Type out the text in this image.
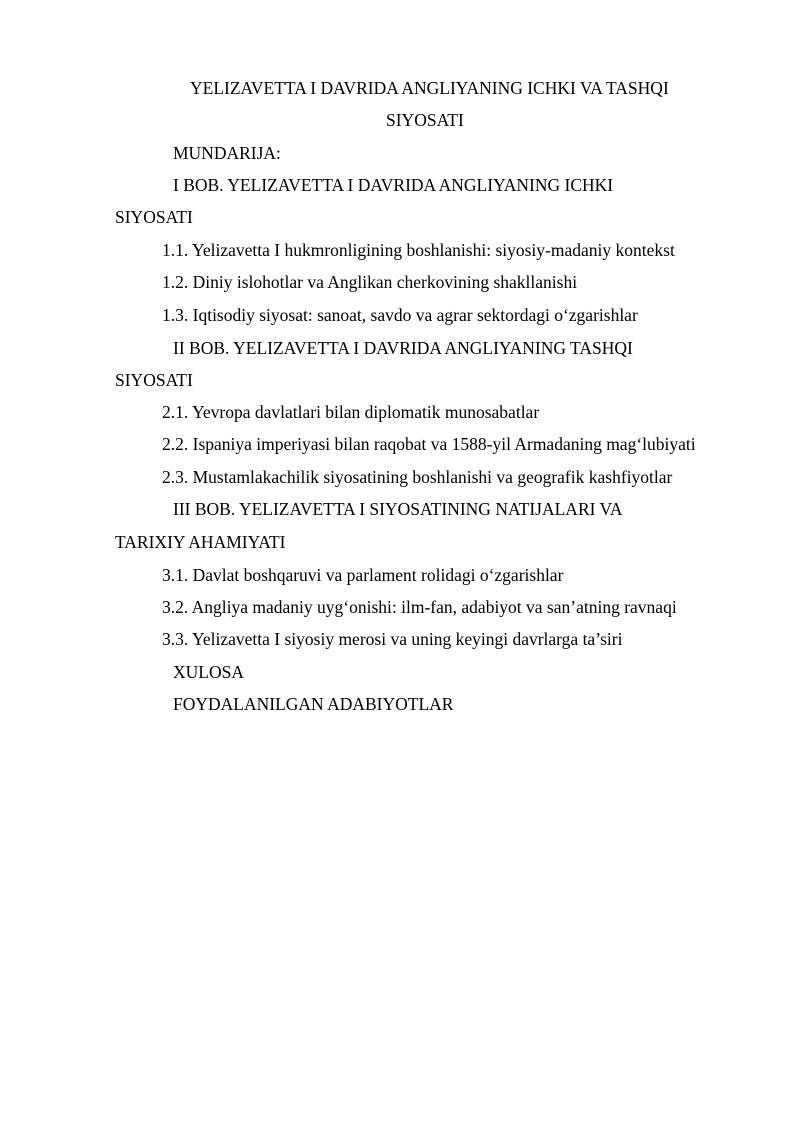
YELIZAVETTA I DAVRIDA ANGLIYANING ICHKI VA TASHQI
SIYOSATI
MUNDARIJA:
I BOB. YELIZAVETTA I DAVRIDA ANGLIYANING ICHKI
SIYOSATI
1.1. Yelizavetta I hukmronligining boshlanishi: siyosiy-madaniy kontekst
1.2. Diniy islohotlar va Anglikan cherkovining shakllanishi
1.3. Iqtisodiy siyosat: sanoat, savdo va agrar sektordagi o‘zgarishlar
II BOB. YELIZAVETTA I DAVRIDA ANGLIYANING TASHQI
SIYOSATI
2.1. Yevropa davlatlari bilan diplomatik munosabatlar
2.2. Ispaniya imperiyasi bilan raqobat va 1588-yil Armadaning mag‘lubiyati
2.3. Mustamlakachilik siyosatining boshlanishi va geografik kashfiyotlar
III BOB. YELIZAVETTA I SIYOSATINING NATIJALARI VA
TARIXIY AHAMIYATI
3.1. Davlat boshqaruvi va parlament rolidagi o‘zgarishlar
3.2. Angliya madaniy uyg‘onishi: ilm-fan, adabiyot va san’atning ravnaqi
3.3. Yelizavetta I siyosiy merosi va uning keyingi davrlarga ta’siri
XULOSA
FOYDALANILGAN ADABIYOTLAR
